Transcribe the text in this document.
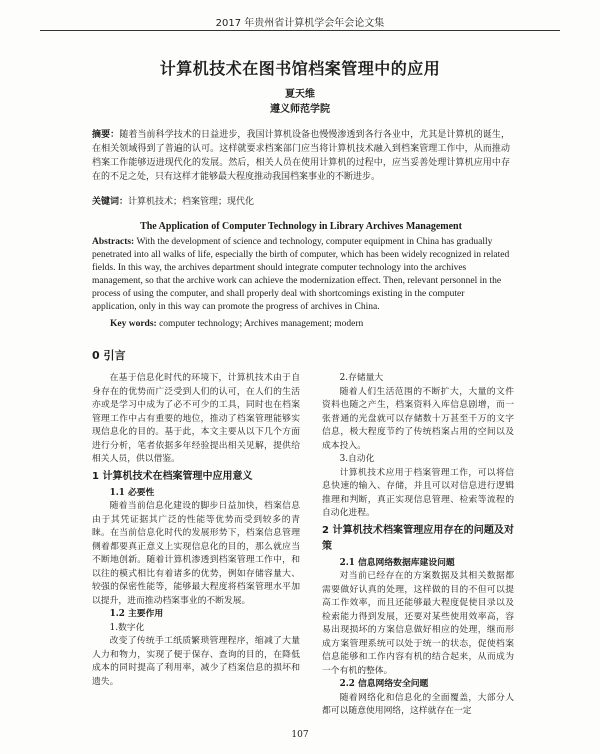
2017 年贵州省计算机学会年会论文集
计算机技术在图书馆档案管理中的应用
夏天维
遵义师范学院
摘要：随着当前科学技术的日益进步，我国计算机设备也慢慢渗透到各行各业中，尤其是计算机的诞生，在相关领域得到了普遍的认可。这样就要求档案部门应当将计算机技术融入到档案管理工作中，从而推动档案工作能够迈进现代化的发展。然后，相关人员在使用计算机的过程中，应当妥善处理计算机应用中存在的不足之处，只有这样才能够最大程度推动我国档案事业的不断进步。
关键词：计算机技术；档案管理；现代化
The Application of Computer Technology in Library Archives Management
Abstracts: With the development of science and technology, computer equipment in China has gradually penetrated into all walks of life, especially the birth of computer, which has been widely recognized in related fields. In this way, the archives department should integrate computer technology into the archives management, so that the archive work can achieve the modernization effect. Then, relevant personnel in the process of using the computer, and shall properly deal with shortcomings existing in the computer application, only in this way can promote the progress of archives in China.
Key words: computer technology; Archives management; modern
0 引言

在基于信息化时代的环境下，计算机技术由于自身存在的优势而广泛受到人们的认可，在人们的生活亦或是学习中成为了必不可少的工具，同时也在档案管理工作中占有重要的地位，推动了档案管理能够实现信息化的目的。基于此，本文主要从以下几个方面进行分析，笔者依据多年经验提出相关见解，提供给相关人员，供以借鉴。

1 计算机技术在档案管理中应用意义

1.1 必要性

随着当前信息化建设的脚步日益加快，档案信息由于其凭证据其广泛的性能等优势而受到较多的青睐。在当前信息化时代的发展形势下，档案信息管理侧着都要真正意义上实现信息化的目的，那么就应当不断地创新。随着计算机渗透到档案管理工作中，和以往的模式相比有着诸多的优势，例如存储容量大、较强的保密性能等，能够最大程度将档案管理水平加以提升，进而推动档案事业的不断发展。

1.2 主要作用

1.数字化

改变了传统手工纸质繁琐管理程序，缩减了大量人力和物力，实现了便于保存、查询的目的，在降低成本的同时提高了利用率，减少了档案信息的损坏和遗失。

2.存储量大

随着人们生活范围的不断扩大，大量的文件资料也随之产生，档案资料入库信息剧增，而一张普通的光盘就可以存储数十万甚至千万的文字信息，极大程度节约了传统档案占用的空间以及成本投入。

3.自动化

计算机技术应用于档案管理工作，可以将信息快速的输入、存储，并且可以对信息进行逻辑推理和判断，真正实现信息管理、检索等流程的自动化进程。

2 计算机技术档案管理应用存在的问题及对策

2.1 信息网络数据库建设问题

对当前已经存在的方案数据及其相关数据都需要做好认真的处理，这样做的目的不但可以提高工作效率，而且还能够最大程度促使目录以及检索能力得到发展，还要对某些使用效率高，容易出现损坏的方案信息做好相应的处理，继而形成方案管理系统可以处于统一的状态，促使档案信息能够和工作内容有机的结合起来，从而成为一个有机的整体。

2.2 信息网络安全问题

随着网络化和信息化的全面覆盖，大部分人都可以随意使用网络，这样就存在一定

107
